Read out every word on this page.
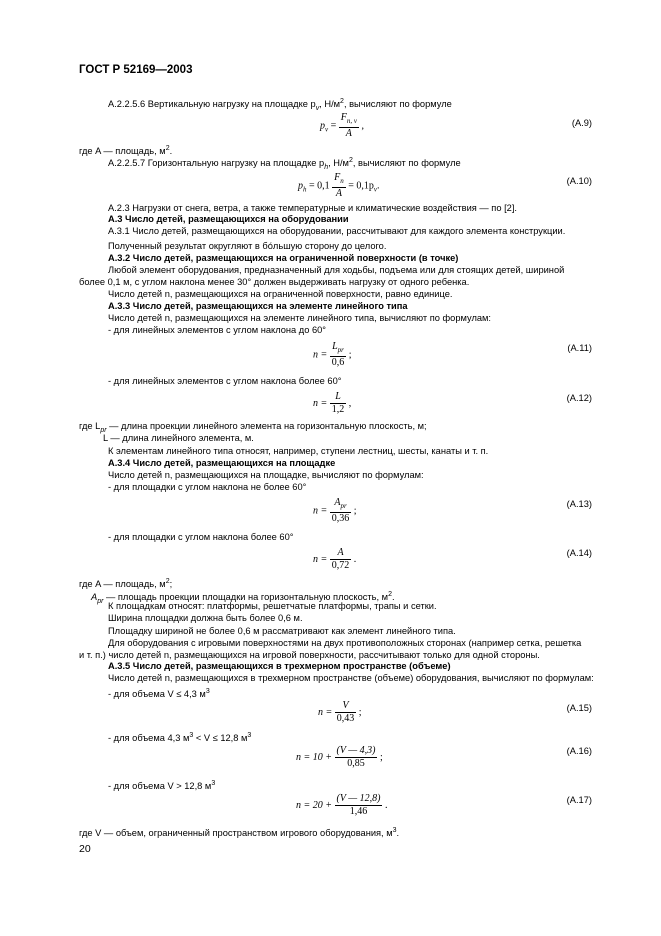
ГОСТ Р 52169—2003
А.2.2.5.6 Вертикальную нагрузку на площадке $p_v$, $Н/м^2$, вычисляют по формуле
$p_v = \frac{F_{n, v}}{A}$ ,	(А.9)
где A — площадь, $м^2$.
А.2.2.5.7 Горизонтальную нагрузку на площадке $p_h$, $Н/м^2$, вычисляют по формуле
$p_h = 0,1 \frac{F_n}{A} = 0,1p_v$.	(А.10)
А.2.3 Нагрузки от снега, ветра, а также температурные и климатические воздействия — по [2].
А.3 Число детей, размещающихся на оборудовании
А.3.1 Число детей, размещающихся на оборудовании, рассчитывают для каждого элемента конструкции.
Полученный результат округляют в бóльшую сторону до целого.
А.3.2 Число детей, размещающихся на ограниченной поверхности (в точке)
Любой элемент оборудования, предназначенный для ходьбы, подъема или для стоящих детей, шириной
более 0,1 м, с углом наклона менее 30° должен выдерживать нагрузку от одного ребенка.
Число детей n, размещающихся на ограниченной поверхности, равно единице.
А.3.3 Число детей, размещающихся на элементе линейного типа
Число детей n, размещающихся на элементе линейного типа, вычисляют по формулам:
- для линейных элементов с углом наклона до 60°
n =
$L_{pr}$
0,6
;
(А.11)
- для линейных элементов с углом наклона более 60°
$n = \frac{L}{1,2}$ ,	(А.12)
где $L_{pr}$ — длина проекции линейного элемента на горизонтальную плоскость, м;
L — длина линейного элемента, м.
К элементам линейного типа относят, например, ступени лестниц, шесты, канаты и т. п.
А.3.4 Число детей, размещающихся на площадке
Число детей n, размещающихся на площадке, вычисляют по формулам:
- для площадки с углом наклона не более 60°
n =
$A_{pr}$
0,36
;
(А.13)
- для площадки с углом наклона более 60°
$n = \frac{A}{0,72}$ .
(А.14)
где A — площадь, $м^2$;
$A_{pr}$ — площадь проекции площадки на горизонтальную плоскость, $м^2$.
К площадкам относят: платформы, решетчатые платформы, трапы и сетки.
Ширина площадки должна быть более 0,6 м.
Площадку шириной не более 0,6 м рассматривают как элемент линейного типа.
Для оборудования с игровыми поверхностями на двух противоположных сторонах (например сетка, решетка
и т. п.) число детей n, размещающихся на игровой поверхности, рассчитывают только для одной стороны.
А.3.5 Число детей, размещающихся в трехмерном пространстве (объеме)
Число детей n, размещающихся в трехмерном пространстве (объеме) оборудования, вычисляют по формулам:
- для объема V ≤ 4,3 $м^3$
$n = \frac{V}{0,43}$ ;	(А.15)
- для объема 4,3 $м^3 < V \le 12,8$ $м^3$
$n = 10 + \frac{(V — 4,3)}{0,85}$ ;
(А.16)
- для объема V > 12,8 $м^3$
$n = 20 + \frac{(V — 12,8)}{1,46}$ .	(А.17)
где V — объем, ограниченный пространством игрового оборудования, $м^3$.
20
